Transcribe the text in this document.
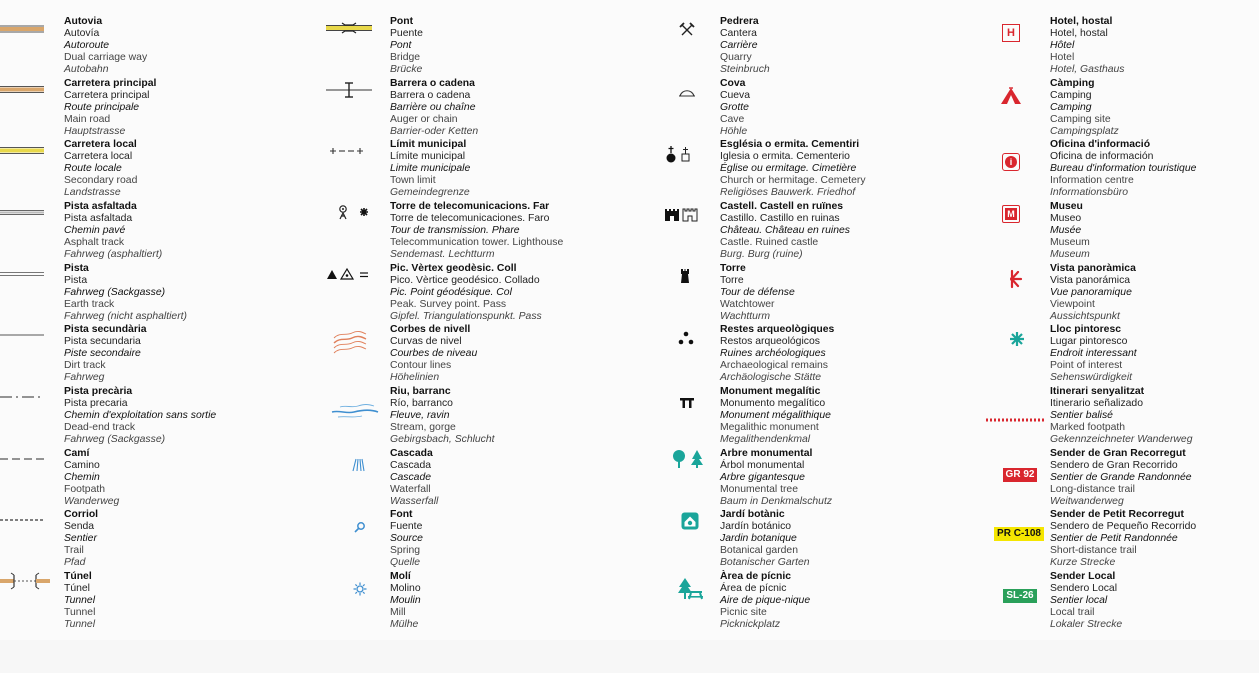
Autovia
Autovía
Autoroute
Dual carriage way
Autobahn
Carretera principal
Carretera principal
Route principale
Main road
Hauptstrasse
Carretera local
Carretera local
Route locale
Secondary road
Landstrasse
Pista asfaltada
Pista asfaltada
Chemin pavé
Asphalt track
Fahrweg (asphaltiert)
Pista
Pista
Fahrweg (Sackgasse)
Earth track
Fahrweg (nicht asphaltiert)
Pista secundària
Pista secundaria
Piste secondaire
Dirt track
Fahrweg
Pista precària
Pista precaria
Chemin d'exploitation sans sortie
Dead-end track
Fahrweg (Sackgasse)
Camí
Camino
Chemin
Footpath
Wanderweg
Corriol
Senda
Sentier
Trail
Pfad
Túnel
Túnel
Tunnel
Tunnel
Tunnel
Pont
Puente
Pont
Bridge
Brücke
Barrera o cadena
Barrera o cadena
Barrière ou chaîne
Auger or chain
Barrier-oder Ketten
Límit municipal
Límite municipal
Limite municipale
Town limit
Gemeindegrenze
Torre de telecomunicacions. Far
Torre de telecomunicaciones. Faro
Tour de transmission. Phare
Telecommunication tower. Lighthouse
Sendemast. Lechtturm
Pic. Vèrtex geodèsic. Coll
Pico. Vèrtice geodésico. Collado
Pic. Point géodésique. Col
Peak. Survey point. Pass
Gipfel. Triangulationspunkt. Pass
Corbes de nivell
Curvas de nivel
Courbes de niveau
Contour lines
Höhelinien
Riu, barranc
Río, barranco
Fleuve, ravin
Stream, gorge
Gebirgsbach, Schlucht
Cascada
Cascada
Cascade
Waterfall
Wasserfall
Font
Fuente
Source
Spring
Quelle
Molí
Molino
Moulin
Mill
Mülhe
Pedrera
Cantera
Carrière
Quarry
Steinbruch
Cova
Cueva
Grotte
Cave
Höhle
Església o ermita. Cementiri
Iglesia o ermita. Cementerio
Église ou ermitage. Cimetière
Church or hermitage. Cemetery
Religiöses Bauwerk. Friedhof
Castell. Castell en ruïnes
Castillo. Castillo en ruinas
Château. Château en ruines
Castle. Ruined castle
Burg. Burg (ruine)
Torre
Torre
Tour de défense
Watchtower
Wachtturm
Restes arqueològiques
Restos arqueológicos
Ruines archéologiques
Archaeological remains
Archäologische Stätte
Monument megalític
Monumento megalítico
Monument mégalithique
Megalithic monument
Megalithendenkmal
Arbre monumental
Árbol monumental
Arbre gigantesque
Monumental tree
Baum in Denkmalschutz
Jardí botànic
Jardín botánico
Jardin botanique
Botanical garden
Botanischer Garten
Àrea de pícnic
Área de pícnic
Aire de pique-nique
Picnic site
Picknickplatz
H
Hotel, hostal
Hotel, hostal
Hôtel
Hotel
Hotel, Gasthaus
Càmping
Camping
Camping
Camping site
Campingsplatz
i
Oficina d'informació
Oficina de información
Bureau d'information touristique
Information centre
Informationsbüro
M
Museu
Museo
Musée
Museum
Museum
Vista panoràmica
Vista panorámica
Vue panoramique
Viewpoint
Aussichtspunkt
Lloc pintoresc
Lugar pintoresco
Endroit interessant
Point of interest
Sehenswürdigkeit
Itinerari senyalitzat
Itinerario señalizado
Sentier balisé
Marked footpath
Gekennzeichneter Wanderweg
GR 92
Sender de Gran Recorregut
Sendero de Gran Recorrido
Sentier de Grande Randonnée
Long-distance trail
Weitwanderweg
PR C-108
Sender de Petit Recorregut
Sendero de Pequeño Recorrido
Sentier de Petit Randonnée
Short-distance trail
Kurze Strecke
SL-26
Sender Local
Sendero Local
Sentier local
Local trail
Lokaler Strecke
